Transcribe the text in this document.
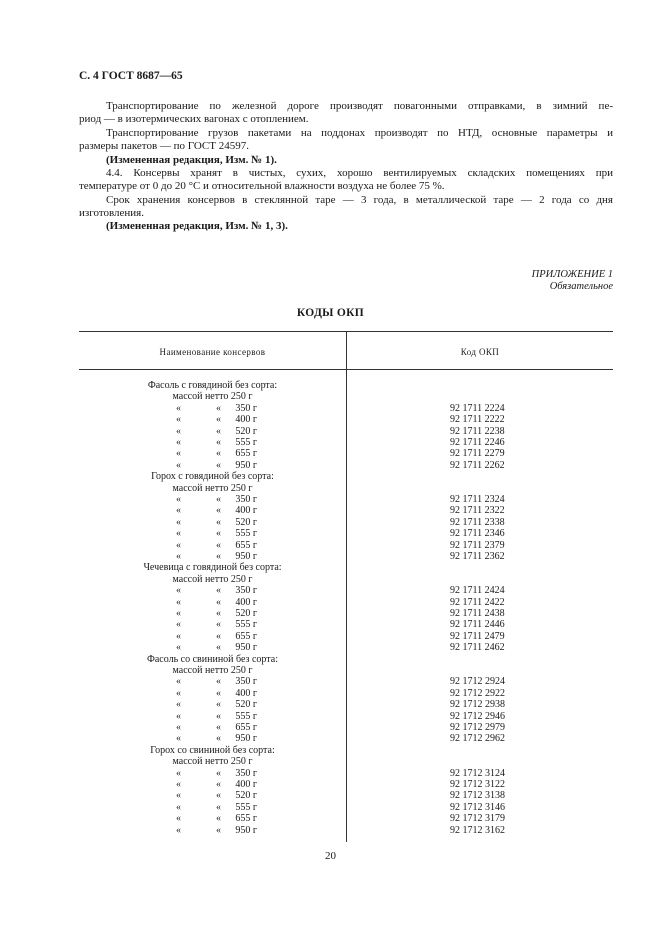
С. 4 ГОСТ 8687—65
Транспортирование по железной дороге производят повагонными отправками, в зимний пе-
риод — в изотермических вагонах с отоплением.
Транспортирование грузов пакетами на поддонах производят по НТД, основные параметры и
размеры пакетов — по ГОСТ 24597.
(Измененная редакция, Изм. № 1).
4.4. Консервы хранят в чистых, сухих, хорошо вентилируемых складских помещениях при
температуре от 0 до 20 °С и относительной влажности воздуха не более 75 %.
Срок хранения консервов в стеклянной таре — 3 года, в металлической таре — 2 года со дня
изготовления.
(Измененная редакция, Изм. № 1, 3).
ПРИЛОЖЕНИЕ 1
Обязательное
КОДЫ ОКП
Наименование консервов	Код ОКП
Фасоль с говядиной без сорта:
массой нетто 250 г
«	«	350 г	92 1711 2224
«	«	400 г	92 1711 2222
«	«	520 г	92 1711 2238
«	«	555 г	92 1711 2246
«	«	655 г	92 1711 2279
«	«	950 г	92 1711 2262
Горох с говядиной без сорта:
массой нетто 250 г
«	«	350 г	92 1711 2324
«	«	400 г	92 1711 2322
«	«	520 г	92 1711 2338
«	«	555 г	92 1711 2346
«	«	655 г	92 1711 2379
«	«	950 г	92 1711 2362
Чечевица с говядиной без сорта:
массой нетто 250 г
«	«	350 г	92 1711 2424
«	«	400 г	92 1711 2422
«	«	520 г	92 1711 2438
«	«	555 г	92 1711 2446
«	«	655 г	92 1711 2479
«	«	950 г	92 1711 2462
Фасоль со свининой без сорта:
массой нетто 250 г
«	«	350 г	92 1712 2924
«	«	400 г	92 1712 2922
«	«	520 г	92 1712 2938
«	«	555 г	92 1712 2946
«	«	655 г	92 1712 2979
«	«	950 г	92 1712 2962
Горох со свининой без сорта:
массой нетто 250 г
«	«	350 г	92 1712 3124
«	«	400 г	92 1712 3122
«	«	520 г	92 1712 3138
«	«	555 г	92 1712 3146
«	«	655 г	92 1712 3179
«	«	950 г	92 1712 3162
20
